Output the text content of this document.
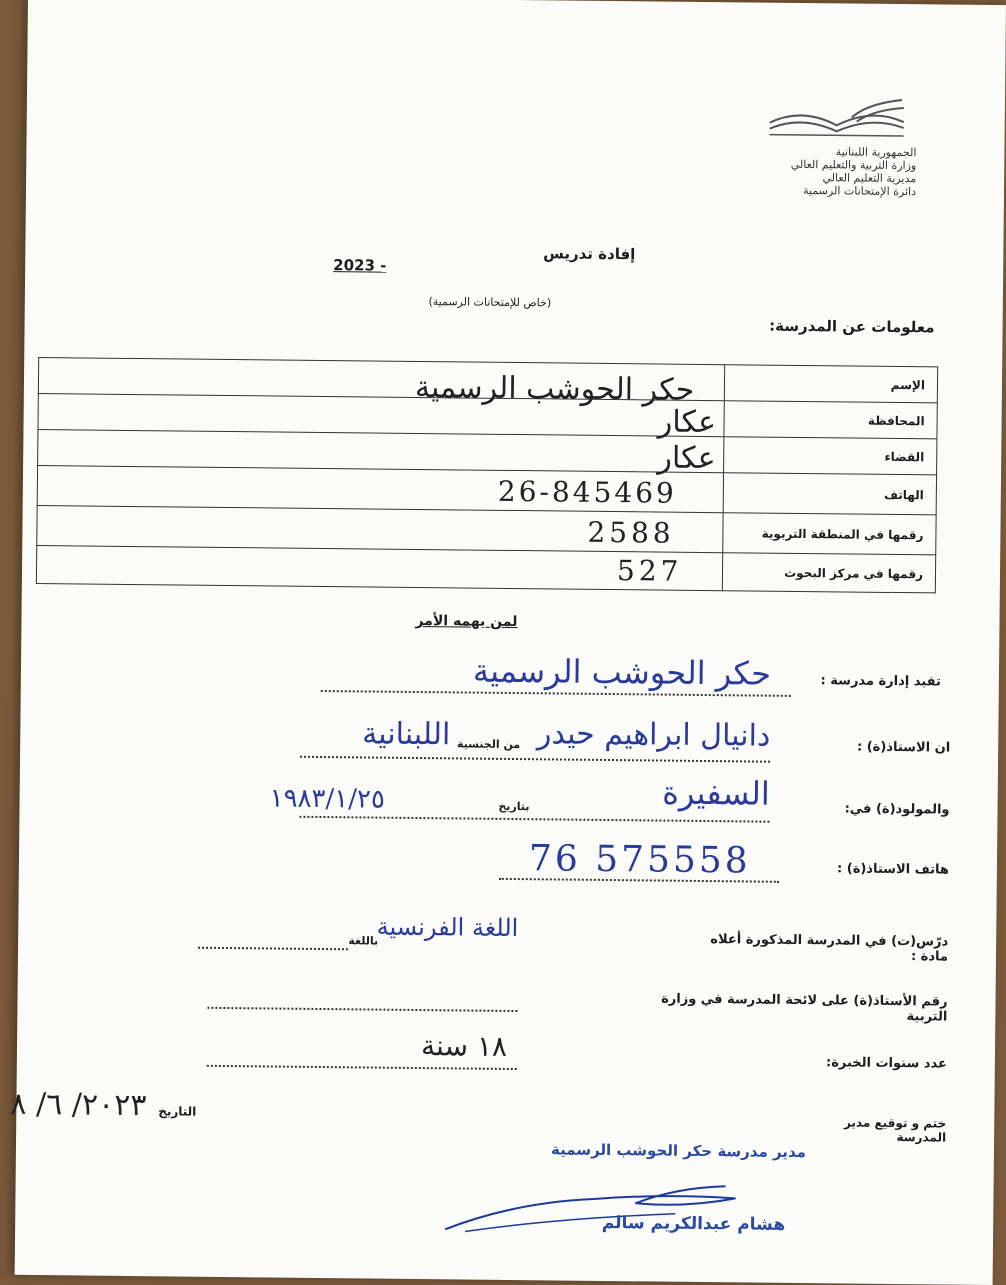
الجمهورية اللبنانية
وزارة التربية والتعليم العالي
مديرية التعليم العالي
دائرة الإمتحانات الرسمية
إفادة تدريس
2023 -
(خاص للإمتحانات الرسمية)
معلومات عن المدرسة:
حكر الحوشب الرسمية	الإسم

عكار	المحافظة

عكار	القضاء

26-845469	الهاتف

2588	رقمها في المنطقة التربوية

527	رقمها في مركز البحوث
لمن يهمه الأمر
تفيد إدارة مدرسة :
حكر الحوشب الرسمية
ان الاستاذ(ة) :
دانيال ابراهيم حيدر
من الجنسية
اللبنانية
والمولود(ة) في:
السفيرة
بتاريخ
١٩٨٣/١/٢٥
هاتف الاستاذ(ة) :
76 575558
درّس(ت) في المدرسة المذكورة أعلاه مادة :
اللغة الفرنسية
باللغة
رقم الأستاذ(ة) على لائحة المدرسة في وزارة التربية
عدد سنوات الخبرة:
١٨ سنة
ختم و توقيع مدير المدرسة
التاريخ
٢٠٢٣/ ٦/ ٨
مدير مدرسة حكر الحوشب الرسمية
هشام عبدالكريم سالم
